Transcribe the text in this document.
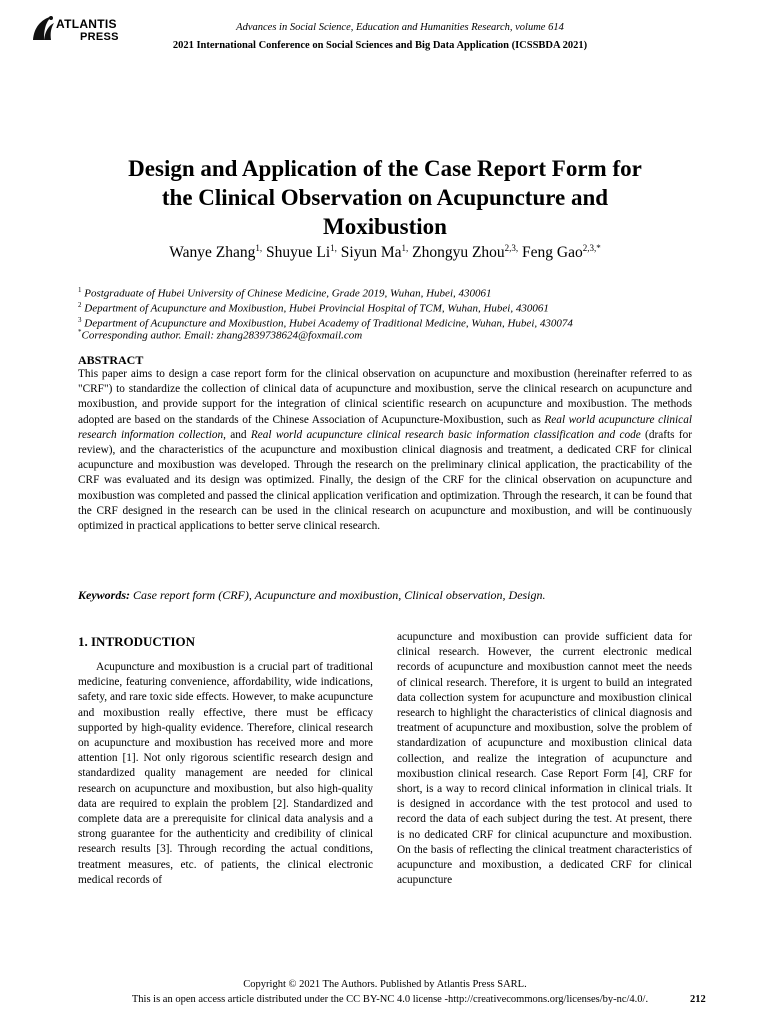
ATLANTIS
PRESS
Advances in Social Science, Education and Humanities Research, volume 614
2021 International Conference on Social Sciences and Big Data Application (ICSSBDA 2021)
Design and Application of the Case Report Form for
the Clinical Observation on Acupuncture and
Moxibustion
Wanye Zhang$^{1,}$ Shuyue $Li^{1,}$ Siyun $Ma^{1,}$ Zhongyu Zhou$^{2,3,}$ Feng Gao$^{2,3,*}$
$^1$ Postgraduate of Hubei University of Chinese Medicine, Grade 2019, Wuhan, Hubei, 430061
$^2$ Department of Acupuncture and Moxibustion, Hubei Provincial Hospital of TCM, Wuhan, Hubei, 430061
$^3$ Department of Acupuncture and Moxibustion, Hubei Academy of Traditional Medicine, Wuhan, Hubei, 430074
*Corresponding author. Email: zhang2839738624@foxmail.com
ABSTRACT
This paper aims to design a case report form for the clinical observation on acupuncture and moxibustion (hereinafter referred to as "CRF") to standardize the collection of clinical data of acupuncture and moxibustion, serve the clinical research on acupuncture and moxibustion, and provide support for the integration of clinical scientific research on acupuncture and moxibustion. The methods adopted are based on the standards of the Chinese Association of Acupuncture-Moxibustion, such as Real world acupuncture clinical research information collection, and Real world acupuncture clinical research basic information classification and code (drafts for review), and the characteristics of the acupuncture and moxibustion clinical diagnosis and treatment, a dedicated CRF for clinical acupuncture and moxibustion was developed. Through the research on the preliminary clinical application, the practicability of the CRF was evaluated and its design was optimized. Finally, the design of the CRF for the clinical observation on acupuncture and moxibustion was completed and passed the clinical application verification and optimization. Through the research, it can be found that the CRF designed in the research can be used in the clinical research on acupuncture and moxibustion, and will be continuously optimized in practical applications to better serve clinical research.
Keywords: Case report form (CRF), Acupuncture and moxibustion, Clinical observation, Design.
1. INTRODUCTION

Acupuncture and moxibustion is a crucial part of traditional medicine, featuring convenience, affordability, wide indications, safety, and rare toxic side effects. However, to make acupuncture and moxibustion really effective, there must be efficacy supported by high-quality evidence. Therefore, clinical research on acupuncture and moxibustion has received more and more attention [1]. Not only rigorous scientific research design and standardized quality management are needed for clinical research on acupuncture and moxibustion, but also high-quality data are required to explain the problem [2]. Standardized and complete data are a prerequisite for clinical data analysis and a strong guarantee for the authenticity and credibility of clinical research results [3]. Through recording the actual conditions, treatment measures, etc. of patients, the clinical electronic medical records of

acupuncture and moxibustion can provide sufficient data for clinical research. However, the current electronic medical records of acupuncture and moxibustion cannot meet the needs of clinical research. Therefore, it is urgent to build an integrated data collection system for acupuncture and moxibustion clinical research to highlight the characteristics of clinical diagnosis and treatment of acupuncture and moxibustion, solve the problem of standardization of acupuncture and moxibustion clinical data collection, and realize the integration of acupuncture and moxibustion clinical research. Case Report Form [4], CRF for short, is a way to record clinical information in clinical trials. It is designed in accordance with the test protocol and used to record the data of each subject during the test. At present, there is no dedicated CRF for clinical acupuncture and moxibustion. On the basis of reflecting the clinical treatment characteristics of acupuncture and moxibustion, a dedicated CRF for clinical acupuncture

Copyright © 2021 The Authors. Published by Atlantis Press SARL.
This is an open access article distributed under the CC BY-NC 4.0 license -http://creativecommons.org/licenses/by-nc/4.0/.	212
